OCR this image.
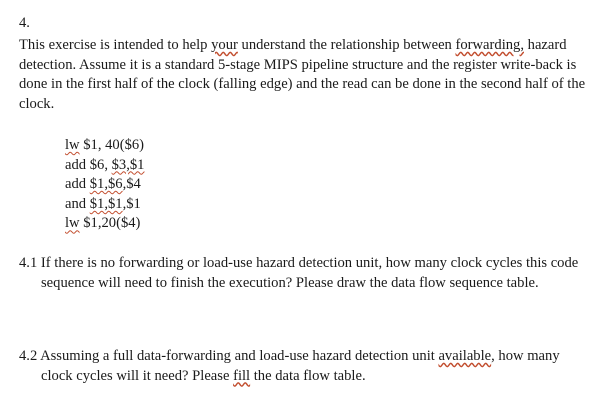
4.
This exercise is intended to help your understand the relationship between forwarding, hazard detection. Assume it is a standard 5-stage MIPS pipeline structure and the register write-back is done in the first half of the clock (falling edge) and the read can be done in the second half of the clock.
lw $1, 40($6)
add $6, $3,$1
add $1,$6,$4
and $1,$1,$1
lw $1,20($4)
4.1 If there is no forwarding or load-use hazard detection unit, how many clock cycles this code sequence will need to finish the execution? Please draw the data flow sequence table.
4.2 Assuming a full data-forwarding and load-use hazard detection unit available, how many clock cycles will it need? Please fill the data flow table.
